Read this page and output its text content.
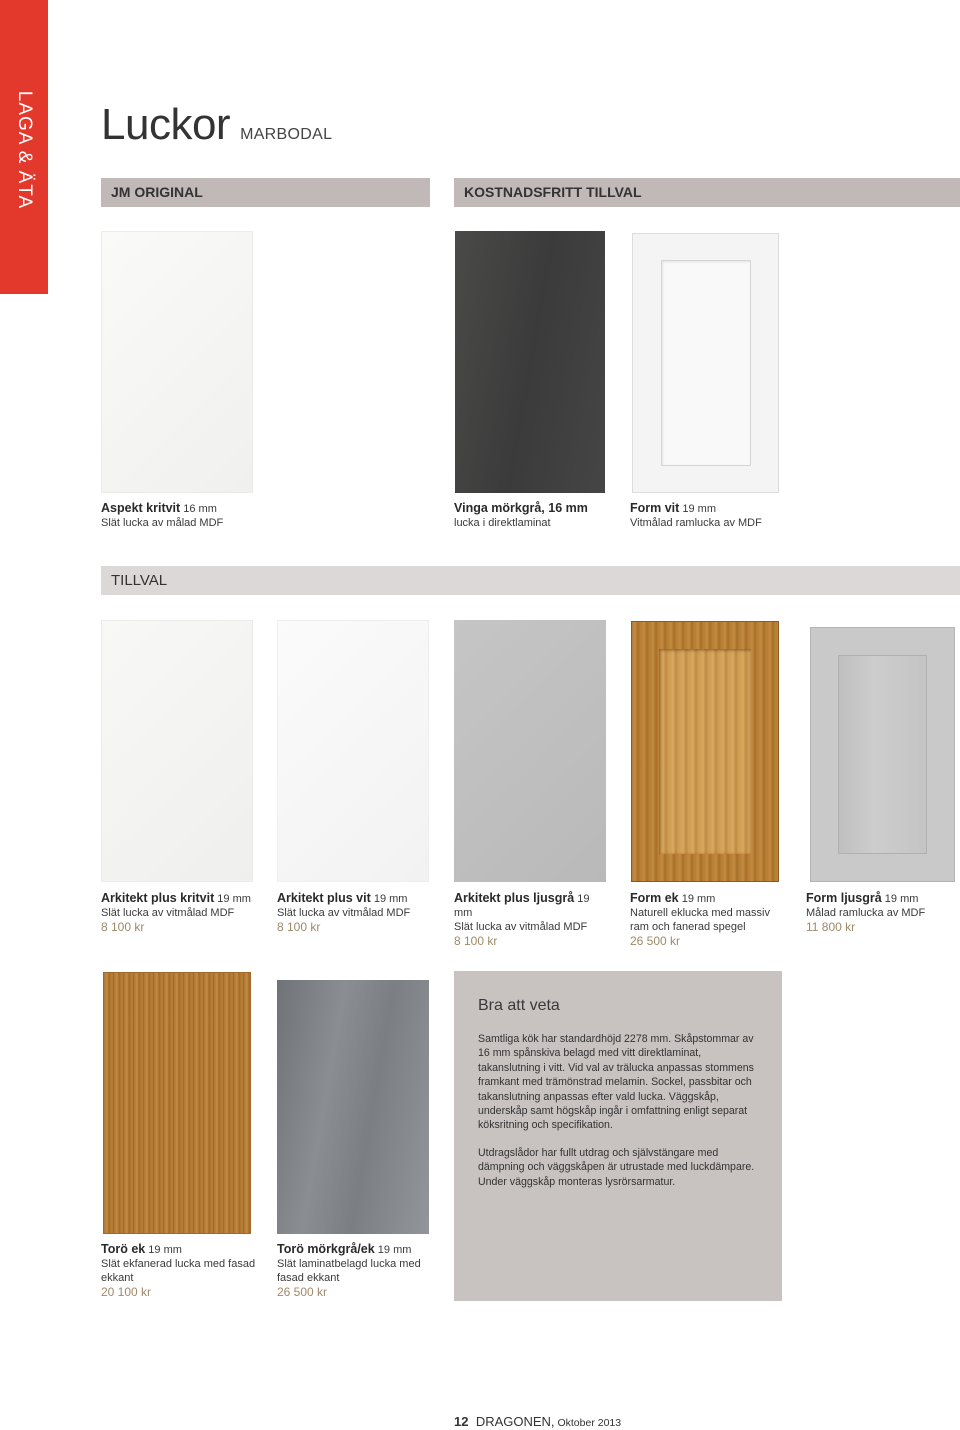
LAGA & ÄTA Luckor MARBODAL
JM ORIGINAL	KOSTNADSFRITT TILLVAL
Aspekt kritvit 16 mm
Slät lucka av målad MDF
Vinga mörkgrå, 16 mm
lucka i direktlaminat
Form vit 19 mm
Vitmålad ramlucka av MDF
TILLVAL
Arkitekt plus kritvit 19 mm
Slät lucka av vitmålad MDF
8 100 kr
Arkitekt plus vit 19 mm
Slät lucka av vitmålad MDF
8 100 kr
Arkitekt plus ljusgrå 19 mm
Slät lucka av vitmålad MDF
8 100 kr
Form ek 19 mm
Naturell eklucka med massiv ram och fanerad spegel
26 500 kr
Form ljusgrå 19 mm
Målad ramlucka av MDF
11 800 kr
Torö ek 19 mm
Slät ekfanerad lucka med fasad ekkant
20 100 kr
Torö mörkgrå/ek 19 mm
Slät laminatbelagd lucka med fasad ekkant
26 500 kr
Bra att veta

Samtliga kök har standardhöjd 2278 mm. Skåpstommar av 16 mm spånskiva belagd med vitt direktlaminat, takanslutning i vitt. Vid val av trälucka anpassas stommens framkant med trämönstrad melamin. Sockel, passbitar och takanslutning anpassas efter vald lucka. Väggskåp, underskåp samt högskåp ingår i omfattning enligt separat köksritning och specifikation.

Utdragslådor har fullt utdrag och självstängare med dämpning och väggskåpen är utrustade med luckdämpare. Under väggskåp monteras lysrörsarmatur.

12 DRAGONEN, Oktober 2013
